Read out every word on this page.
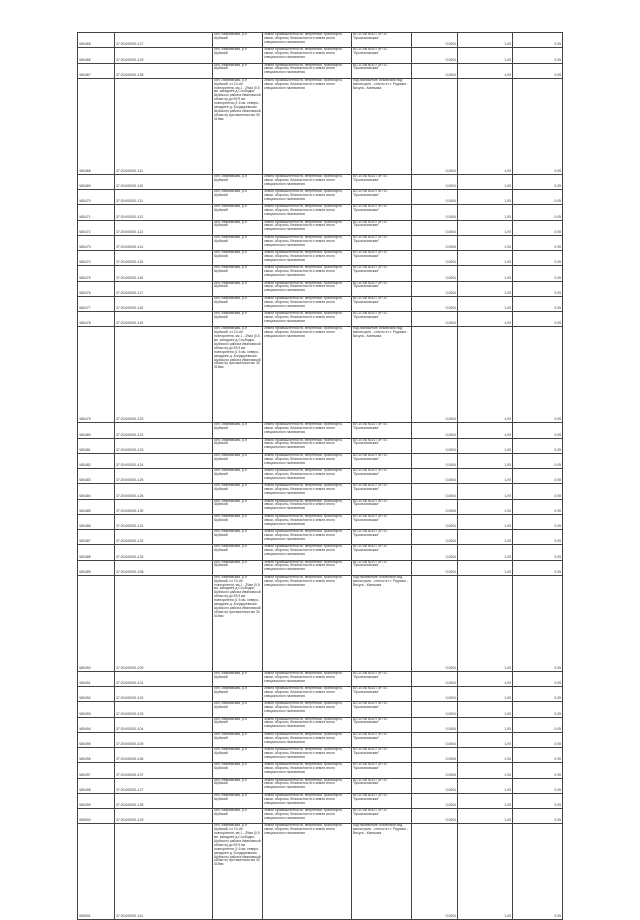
Ч80465	37:20:000001:127	обл. Ивановская, р-н Шуйский	Земли промышленности, энергетики, транспорта, связи, обороны, безопасности и земли иного специального назначения	ВЛ-10 кВ №107 от ПС "Брызгаловская"	0,0004	1,00	0,05
Ч80466	37:20:000001:129	обл. Ивановская, р-н Шуйский	Земли промышленности, энергетики, транспорта, связи, обороны, безопасности и земли иного специального назначения	ВЛ-10 кВ №107 от ПС "Брызгаловская"	0,0004	1,00	0,05
Ч80467	37:20:000001:128	обл. Ивановская, р-н Шуйский	Земли промышленности, энергетики, транспорта, связи, обороны, безопасности и земли иного специального назначения	ВЛ-10 кВ №107 от ПС "Брызгаловская"	0,0004	1,00	0,05
Ч80468	37:20:000001:111	обл. Ивановская, р-н Шуйский, от 10-ой повторителя, км 1 - 29км (0,5 км. западнее д.Слободки, Шуйского района Ивановской области) до 59,9 км повторителя (1 6 км. северо-западнее д. Болдыревская Шуйского района Ивановской области) протяженностью 30 319км	Земли промышленности, энергетики, транспорта, связи, обороны, безопасности и земли иного специального назначения	под назначение объектами под магистраль - стекло в г.г. Родники - Вичуга - Кинешма	0,0004	1,00	0,05
Ч80469	37:20:000001:110	обл. Ивановская, р-н Шуйский	Земли промышленности, энергетики, транспорта, связи, обороны, безопасности и земли иного специального назначения	ВЛ-10 кВ №107 от ПС "Брызгаловская"	0,0004	1,00	0,05
Ч80470	37:20:000001:111	обл. Ивановская, р-н Шуйский	Земли промышленности, энергетики, транспорта, связи, обороны, безопасности и земли иного специального назначения	ВЛ-10 кВ №107 от ПС "Брызгаловская"	0,0004	1,00	0,05
Ч80471	37:20:000001:112	обл. Ивановская, р-н Шуйский	Земли промышленности, энергетики, транспорта, связи, обороны, безопасности и земли иного специального назначения	ВЛ-10 кВ №107 от ПС "Брызгаловская"	0,0004	1,00	0,05
Ч80472	37:20:000001:113	обл. Ивановская, р-н Шуйский	Земли промышленности, энергетики, транспорта, связи, обороны, безопасности и земли иного специального назначения	ВЛ-10 кВ №107 от ПС "Брызгаловская"	0,0004	1,00	0,05
Ч80473	37:20:000001:114	обл. Ивановская, р-н Шуйский	Земли промышленности, энергетики, транспорта, связи, обороны, безопасности и земли иного специального назначения	ВЛ-10 кВ №107 от ПС "Брызгаловская"	0,0004	1,00	0,05
Ч80474	37:20:000001:115	обл. Ивановская, р-н Шуйский	Земли промышленности, энергетики, транспорта, связи, обороны, безопасности и земли иного специального назначения	ВЛ-10 кВ №107 от ПС "Брызгаловская"	0,0004	1,00	0,05
Ч80475	37:20:000001:116	обл. Ивановская, р-н Шуйский	Земли промышленности, энергетики, транспорта, связи, обороны, безопасности и земли иного специального назначения	ВЛ-10 кВ №107 от ПС "Брызгаловская"	0,0004	1,00	0,05
Ч80476	37:20:000001:117	обл. Ивановская, р-н Шуйский	Земли промышленности, энергетики, транспорта, связи, обороны, безопасности и земли иного специального назначения	ВЛ-10 кВ №107 от ПС "Брызгаловская"	0,0004	1,00	0,05
Ч80477	37:20:000001:118	обл. Ивановская, р-н Шуйский	Земли промышленности, энергетики, транспорта, связи, обороны, безопасности и земли иного специального назначения	ВЛ-10 кВ №107 от ПС "Брызгаловская"	0,0004	1,00	0,05
Ч80478	37:20:000001:119	обл. Ивановская, р-н Шуйский	Земли промышленности, энергетики, транспорта, связи, обороны, безопасности и земли иного специального назначения	ВЛ-10 кВ №107 от ПС "Брызгаловская"	0,0004	1,00	0,05
Ч80479	37:20:000001:120	обл. Ивановская, р-н Шуйский, от 10-ой повторителя, км 1 - 29км (0,5 км. западнее д.Слободки, Шуйского района Ивановской области) до 59,9 км повторителя (1 6 км. северо-западнее д. Болдыревская Шуйского района Ивановской области) протяженностью 30 319км	Земли промышленности, энергетики, транспорта, связи, обороны, безопасности и земли иного специального назначения	под назначение объектами под магистраль - стекло в г.г. Родники - Вичуга - Кинешма	0,0004	1,00	0,05
Ч80480	37:20:000001:122	обл. Ивановская, р-н Шуйский	Земли промышленности, энергетики, транспорта, связи, обороны, безопасности и земли иного специального назначения	ВЛ-10 кВ №107 от ПС "Брызгаловская"	0,0004	1,00	0,05
Ч80481	37:20:000001:123	обл. Ивановская, р-н Шуйский	Земли промышленности, энергетики, транспорта, связи, обороны, безопасности и земли иного специального назначения	ВЛ-10 кВ №107 от ПС "Брызгаловская"	0,0004	1,00	0,05
Ч80482	37:20:000001:124	обл. Ивановская, р-н Шуйский	Земли промышленности, энергетики, транспорта, связи, обороны, безопасности и земли иного специального назначения	ВЛ-10 кВ №107 от ПС "Брызгаловская"	0,0004	1,00	0,05
Ч80483	37:20:000001:125	обл. Ивановская, р-н Шуйский	Земли промышленности, энергетики, транспорта, связи, обороны, безопасности и земли иного специального назначения	ВЛ-10 кВ №107 от ПС "Брызгаловская"	0,0004	1,00	0,05
Ч80484	37:20:000001:126	обл. Ивановская, р-н Шуйский	Земли промышленности, энергетики, транспорта, связи, обороны, безопасности и земли иного специального назначения	ВЛ-10 кВ №107 от ПС "Брызгаловская"	0,0004	1,00	0,05
Ч80485	37:20:000001:130	обл. Ивановская, р-н Шуйский	Земли промышленности, энергетики, транспорта, связи, обороны, безопасности и земли иного специального назначения	ВЛ-10 кВ №107 от ПС "Брызгаловская"	0,0004	1,00	0,05
Ч80486	37:20:000001:131	обл. Ивановская, р-н Шуйский	Земли промышленности, энергетики, транспорта, связи, обороны, безопасности и земли иного специального назначения	ВЛ-10 кВ №107 от ПС "Брызгаловская"	0,0004	1,00	0,05
Ч80487	37:20:000001:132	обл. Ивановская, р-н Шуйский	Земли промышленности, энергетики, транспорта, связи, обороны, безопасности и земли иного специального назначения	ВЛ-10 кВ №107 от ПС "Брызгаловская"	0,0004	1,00	0,05
Ч80488	37:20:000001:133	обл. Ивановская, р-н Шуйский	Земли промышленности, энергетики, транспорта, связи, обороны, безопасности и земли иного специального назначения	ВЛ-10 кВ №107 от ПС "Брызгаловская"	0,0004	1,00	0,05
Ч80489	37:20:000001:108	обл. Ивановская, р-н Шуйский	Земли промышленности, энергетики, транспорта, связи, обороны, безопасности и земли иного специального назначения	ВЛ-10 кВ №107 от ПС "Брызгаловская"	0,0004	1,00	0,05
Ч80490	37:20:000001:109	обл. Ивановская, р-н Шуйский, от 10-ой повторителя, км 1 - 29км (0,5 км. западнее д.Слободки, Шуйского района Ивановской области) до 59,9 км повторителя (1 6 км. северо-западнее д. Болдыревская Шуйского района Ивановской области) протяженностью 30 319км	Земли промышленности, энергетики, транспорта, связи, обороны, безопасности и земли иного специального назначения	под назначение объектами под магистраль - стекло в г.г. Родники - Вичуга - Кинешма	0,0004	1,00	0,05
Ч80491	37:20:000001:101	обл. Ивановская, р-н Шуйский	Земли промышленности, энергетики, транспорта, связи, обороны, безопасности и земли иного специального назначения	ВЛ-10 кВ №107 от ПС "Брызгаловская"	0,0004	1,00	0,05
Ч80492	37:20:000001:102	обл. Ивановская, р-н Шуйский	Земли промышленности, энергетики, транспорта, связи, обороны, безопасности и земли иного специального назначения	ВЛ-10 кВ №107 от ПС "Брызгаловская"	0,0004	1,00	0,05
Ч80493	37:20:000001:103	обл. Ивановская, р-н Шуйский	Земли промышленности, энергетики, транспорта, связи, обороны, безопасности и земли иного специального назначения	ВЛ-10 кВ №107 от ПС "Брызгаловская"	0,0004	1,00	0,05
Ч80494	37:20:000001:104	обл. Ивановская, р-н Шуйский	Земли промышленности, энергетики, транспорта, связи, обороны, безопасности и земли иного специального назначения	ВЛ-10 кВ №107 от ПС "Брызгаловская"	0,0004	1,00	0,05
Ч80495	37:20:000001:105	обл. Ивановская, р-н Шуйский	Земли промышленности, энергетики, транспорта, связи, обороны, безопасности и земли иного специального назначения	ВЛ-10 кВ №107 от ПС "Брызгаловская"	0,0004	1,00	0,05
Ч80496	37:20:000001:106	обл. Ивановская, р-н Шуйский	Земли промышленности, энергетики, транспорта, связи, обороны, безопасности и земли иного специального назначения	ВЛ-10 кВ №107 от ПС "Брызгаловская"	0,0004	1,00	0,05
Ч80497	37:20:000001:107	обл. Ивановская, р-н Шуйский	Земли промышленности, энергетики, транспорта, связи, обороны, безопасности и земли иного специального назначения	ВЛ-10 кВ №107 от ПС "Брызгаловская"	0,0004	1,00	0,05
Ч80498	37:20:000001:127	обл. Ивановская, р-н Шуйский	Земли промышленности, энергетики, транспорта, связи, обороны, безопасности и земли иного специального назначения	ВЛ-10 кВ №107 от ПС "Брызгаловская"	0,0004	1,00	0,05
Ч80499	37:20:000001:128	обл. Ивановская, р-н Шуйский	Земли промышленности, энергетики, транспорта, связи, обороны, безопасности и земли иного специального назначения	ВЛ-10 кВ №107 от ПС "Брызгаловская"	0,0004	1,00	0,05
Ч80500	37:20:000001:129	обл. Ивановская, р-н Шуйский	Земли промышленности, энергетики, транспорта, связи, обороны, безопасности и земли иного специального назначения	ВЛ-10 кВ №107 от ПС "Брызгаловская"	0,0004	1,00	0,05
Ч80501	37:20:000001:141	обл. Ивановская, р-н Шуйский, от 10-ой повторителя, км 1 - 29км (0,5 км. западнее д.Слободки, Шуйского района Ивановской области) до 59,9 км повторителя (1 6 км. северо-западнее д. Болдыревская Шуйского района Ивановской области) протяженностью 30 319км	Земли промышленности, энергетики, транспорта, связи, обороны, безопасности и земли иного специального назначения	под назначение объектами под магистраль - стекло в г.г. Родники - Вичуга - Кинешма	0,0004	1,00	0,05
